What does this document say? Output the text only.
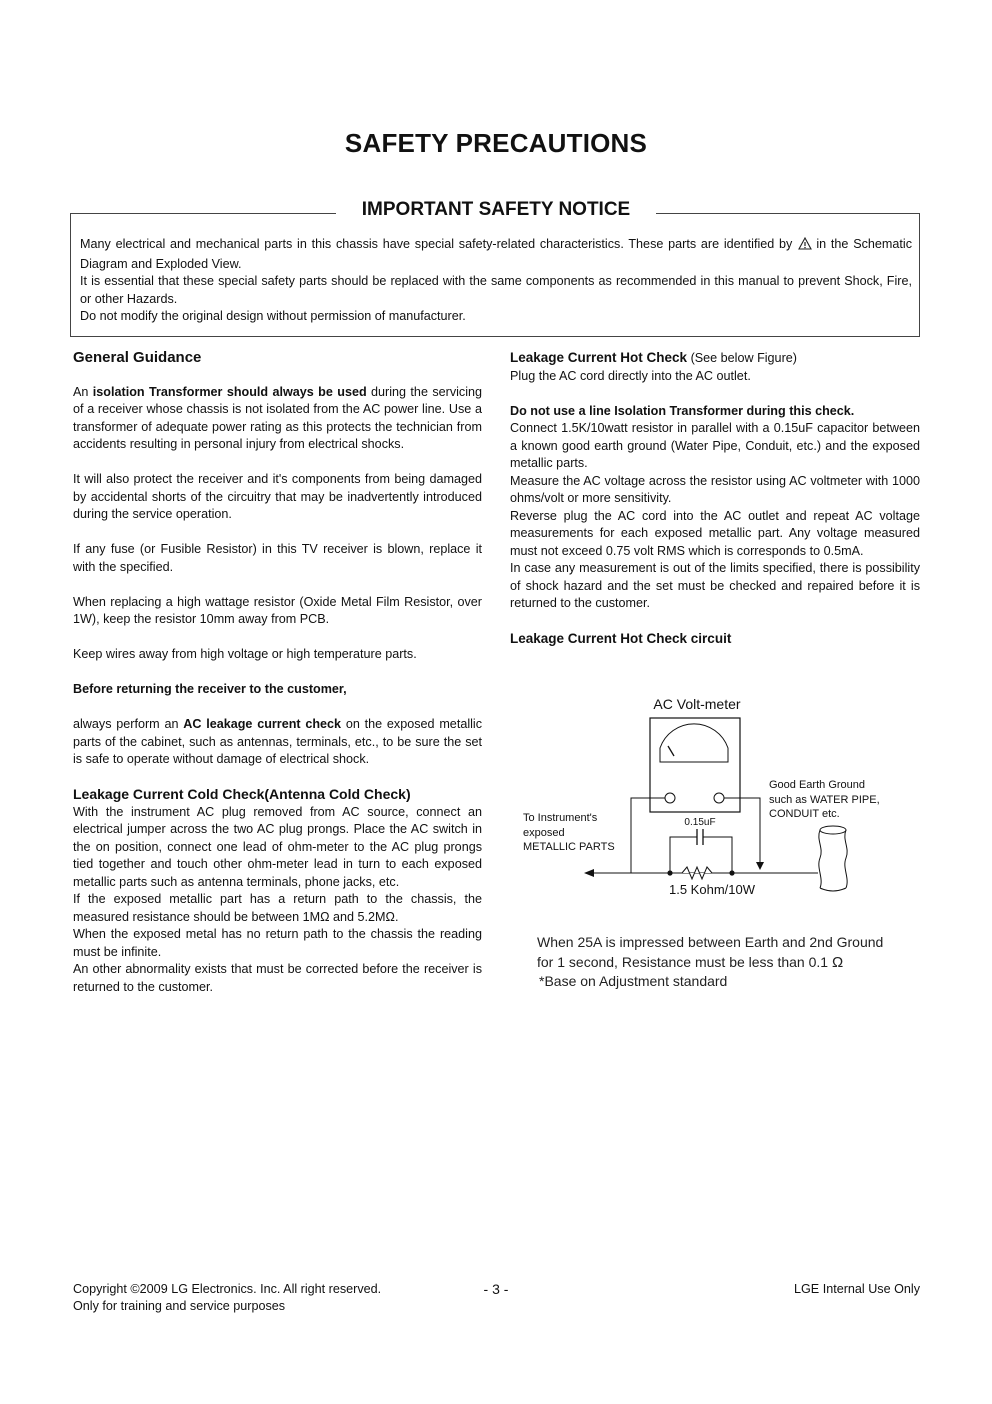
SAFETY PRECAUTIONS
IMPORTANT SAFETY NOTICE

Many electrical and mechanical parts in this chassis have special safety-related characteristics. These parts are identified by in the Schematic Diagram and Exploded View.

It is essential that these special safety parts should be replaced with the same components as recommended in this manual to prevent Shock, Fire, or other Hazards.

Do not modify the original design without permission of manufacturer.

General Guidance

An isolation Transformer should always be used during the servicing of a receiver whose chassis is not isolated from the AC power line. Use a transformer of adequate power rating as this protects the technician from accidents resulting in personal injury from electrical shocks.

It will also protect the receiver and it's components from being damaged by accidental shorts of the circuitry that may be inadvertently introduced during the service operation.

If any fuse (or Fusible Resistor) in this TV receiver is blown, replace it with the specified.

When replacing a high wattage resistor (Oxide Metal Film Resistor, over 1W), keep the resistor 10mm away from PCB.

Keep wires away from high voltage or high temperature parts.

Before returning the receiver to the customer,

always perform an AC leakage current check on the exposed metallic parts of the cabinet, such as antennas, terminals, etc., to be sure the set is safe to operate without damage of electrical shock.

Leakage Current Cold Check(Antenna Cold Check)

With the instrument AC plug removed from AC source, connect an electrical jumper across the two AC plug prongs. Place the AC switch in the on position, connect one lead of ohm-meter to the AC plug prongs tied together and touch other ohm-meter lead in turn to each exposed metallic parts such as antenna terminals, phone jacks, etc.

If the exposed metallic part has a return path to the chassis, the measured resistance should be between 1MΩ and 5.2MΩ.

When the exposed metal has no return path to the chassis the reading must be infinite.

An other abnormality exists that must be corrected before the receiver is returned to the customer.

Leakage Current Hot Check (See below Figure)

Plug the AC cord directly into the AC outlet.

Do not use a line Isolation Transformer during this check.

Connect 1.5K/10watt resistor in parallel with a 0.15uF capacitor between a known good earth ground (Water Pipe, Conduit, etc.) and the exposed metallic parts.

Measure the AC voltage across the resistor using AC voltmeter with 1000 ohms/volt or more sensitivity.

Reverse plug the AC cord into the AC outlet and repeat AC voltage measurements for each exposed metallic part. Any voltage measured must not exceed 0.75 volt RMS which is corresponds to 0.5mA.

In case any measurement is out of the limits specified, there is possibility of shock hazard and the set must be checked and repaired before it is returned to the customer.

Leakage Current Hot Check circuit

AC Volt-meter
0.15uF
1.5 Kohm/10W
To Instrument's
exposed
METALLIC PARTS
Good Earth Ground
such as WATER PIPE,
CONDUIT etc.

When 25A is impressed between Earth and 2nd Ground

for 1 second, Resistance must be less than 0.1 Ω

*Base on Adjustment standard

Copyright ©2009 LG Electronics. Inc. All right reserved.
Only for training and service purposes
- 3 -	LGE Internal Use Only
